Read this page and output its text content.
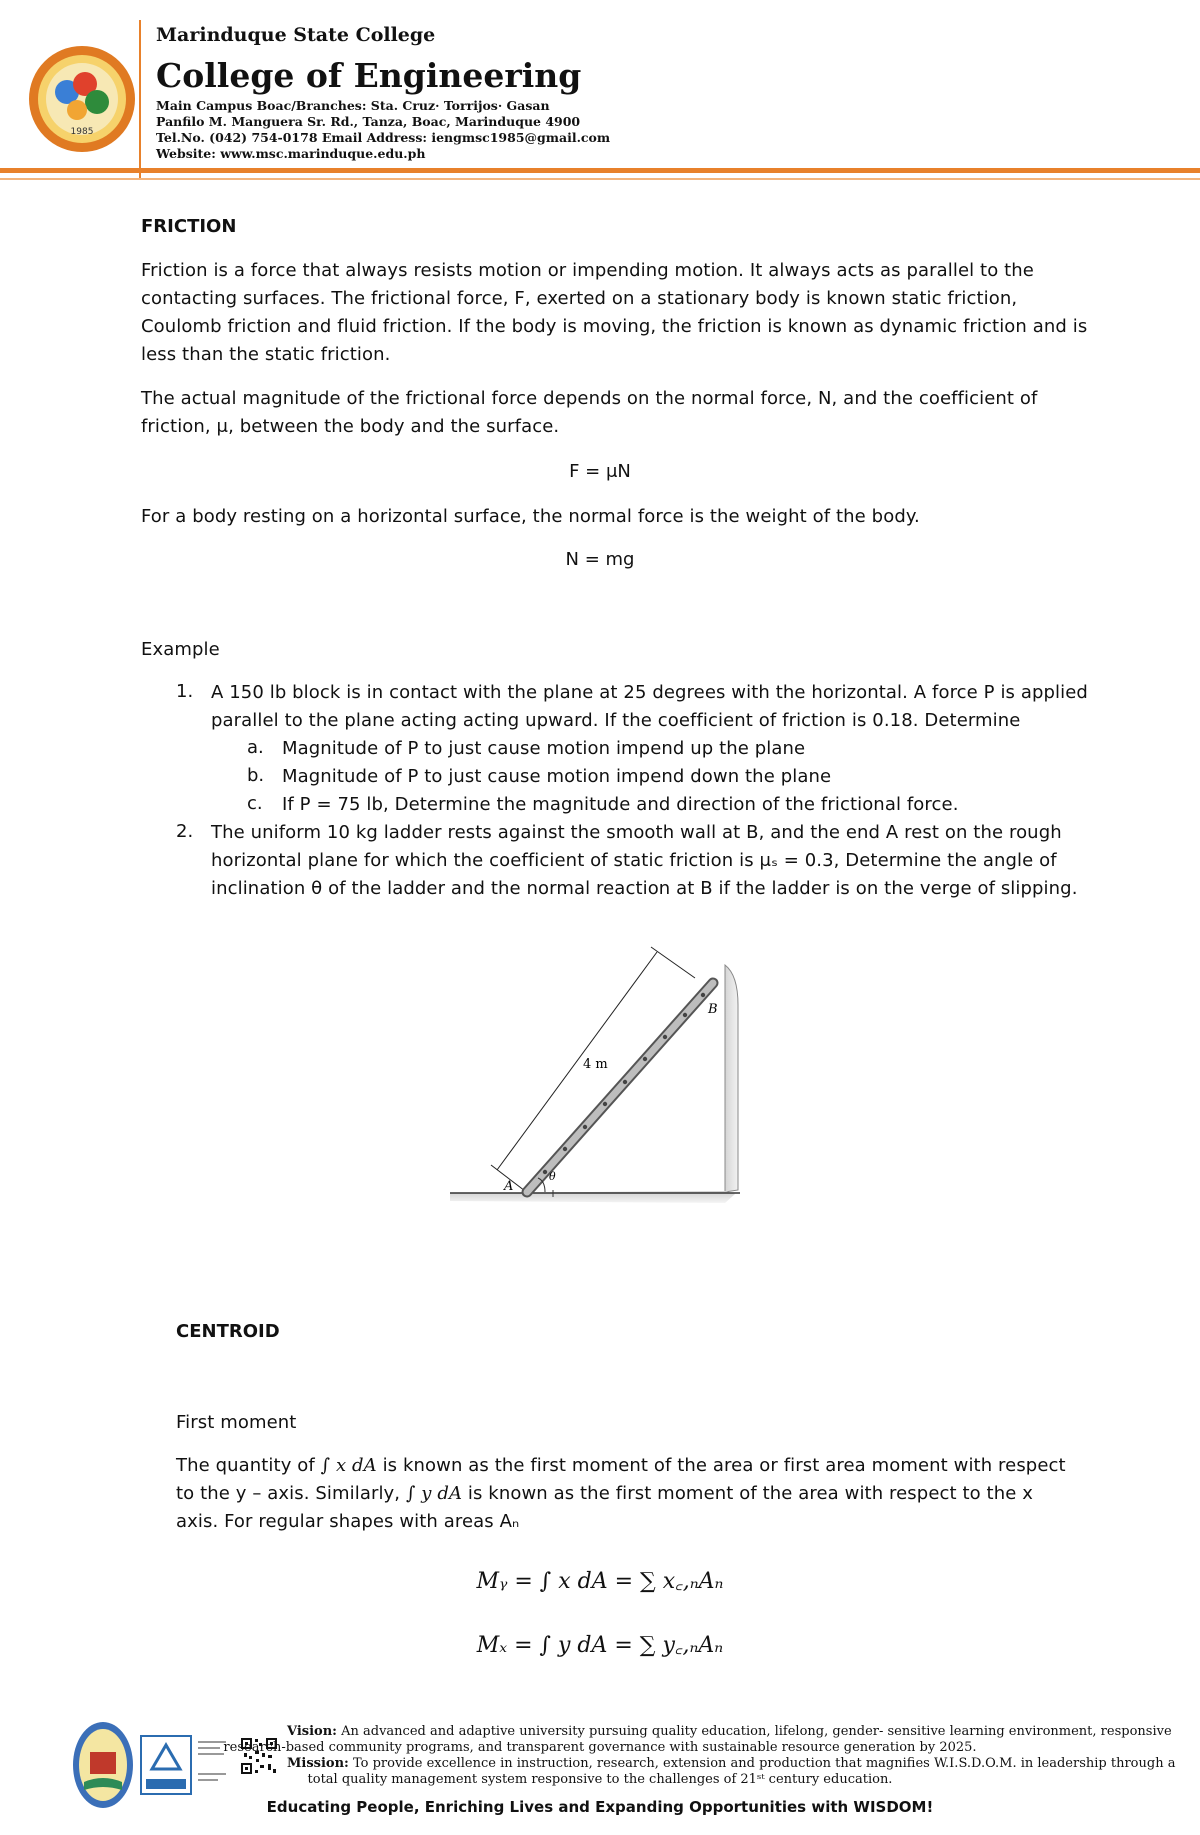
1985
Marinduque State College
College of Engineering
Main Campus Boac/Branches: Sta. Cruz· Torrijos· Gasan
Panfilo M. Manguera Sr. Rd., Tanza, Boac, Marinduque 4900
Tel.No. (042) 754-0178 Email Address: iengmsc1985@gmail.com
Website: www.msc.marinduque.edu.ph
FRICTION
Friction is a force that always resists motion or impending motion. It always acts as parallel to the
contacting surfaces. The frictional force, F, exerted on a stationary body is known static friction,
Coulomb friction and fluid friction. If the body is moving, the friction is known as dynamic friction and is
less than the static friction.
The actual magnitude of the frictional force depends on the normal force, N, and the coefficient of
friction, μ, between the body and the surface.
F = μN
For a body resting on a horizontal surface, the normal force is the weight of the body.
N = mg
Example
1. A 150 lb block is in contact with the plane at 25 degrees with the horizontal. A force P is applied
parallel to the plane acting acting upward. If the coefficient of friction is 0.18. Determine
a. Magnitude of P to just cause motion impend up the plane
b. Magnitude of P to just cause motion impend down the plane
c. If P = 75 lb, Determine the magnitude and direction of the frictional force.
2. The uniform 10 kg ladder rests against the smooth wall at B, and the end A rest on the rough
horizontal plane for which the coefficient of static friction is μₛ = 0.3, Determine the angle of
inclination θ of the ladder and the normal reaction at B if the ladder is on the verge of slipping.
θ
A
B
4 m
CENTROID
First moment
The quantity of ∫ x dA is known as the first moment of the area or first area moment with respect
to the y – axis. Similarly, ∫ y dA is known as the first moment of the area with respect to the x
axis. For regular shapes with areas Aₙ
Mᵧ = ∫ x dA = ∑ x꜀,ₙAₙ
Mₓ = ∫ y dA = ∑ y꜀,ₙAₙ
Vision: An advanced and adaptive university pursuing quality education, lifelong, gender- sensitive learning environment, responsive
research-based community programs, and transparent governance with sustainable resource generation by 2025.
Mission: To provide excellence in instruction, research, extension and production that magnifies W.I.S.D.O.M. in leadership through a
total quality management system responsive to the challenges of 21ˢᵗ century education.
Educating People, Enriching Lives and Expanding Opportunities with WISDOM!
